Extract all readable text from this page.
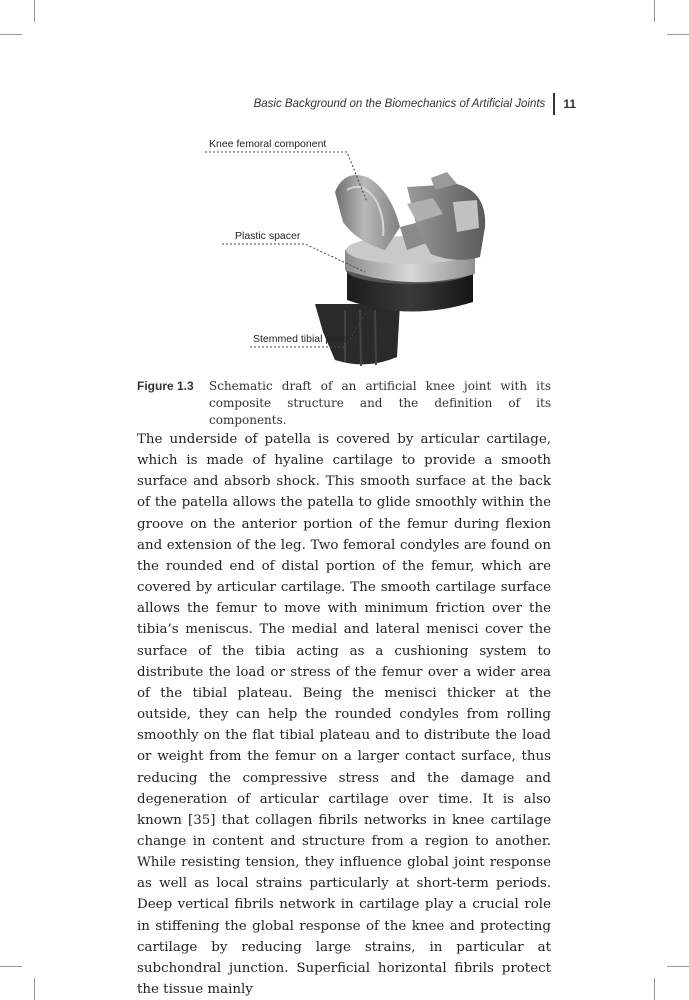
Basic Background on the Biomechanics of Artificial Joints 11
Knee femoral component
Plastic spacer
Stemmed tibial plate
Figure 1.3 Schematic draft of an artificial knee joint with its composite structure and the definition of its components.

The underside of patella is covered by articular cartilage, which is made of hyaline cartilage to provide a smooth surface and absorb shock. This smooth surface at the back of the patella allows the patella to glide smoothly within the groove on the anterior portion of the femur during flexion and extension of the leg. Two femoral condyles are found on the rounded end of distal portion of the femur, which are covered by articular cartilage. The smooth cartilage surface allows the femur to move with minimum friction over the tibia’s meniscus. The medial and lateral menisci cover the surface of the tibia acting as a cushioning system to distribute the load or stress of the femur over a wider area of the tibial plateau. Being the menisci thicker at the outside, they can help the rounded condyles from rolling smoothly on the flat tibial plateau and to distribute the load or weight from the femur on a larger contact surface, thus reducing the compressive stress and the damage and degeneration of articular cartilage over time. It is also known [35] that collagen fibrils networks in knee cartilage change in content and structure from a region to another. While resisting tension, they influence global joint response as well as local strains particularly at short-term periods. Deep vertical fibrils network in cartilage play a crucial role in stiffening the global response of the knee and protecting cartilage by reducing large strains, in particular at subchondral junction. Superficial horizontal fibrils protect the tissue mainly
